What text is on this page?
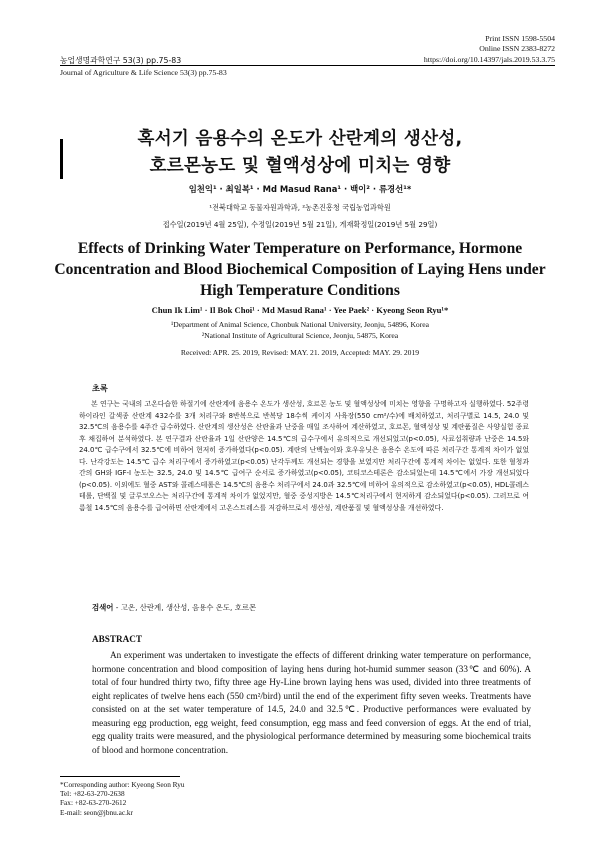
Print ISSN 1598-5504
Online ISSN 2383-8272
농업생명과학연구 53(3) pp.75-83	https://doi.org/10.14397/jals.2019.53.3.75
Journal of Agriculture & Life Science 53(3) pp.75-83
혹서기 음용수의 온도가 산란계의 생산성,
호르몬농도 및 혈액성상에 미치는 영향
임천익¹ · 최일복¹ · Md Masud Rana¹ · 백이² · 류경선¹*
¹전북대학교 동물자원과학과, ²농촌진흥청 국립농업과학원
접수일(2019년 4월 25일), 수정일(2019년 5월 21일), 게재확정일(2019년 5월 29일)
Effects of Drinking Water Temperature on Performance, Hormone
Concentration and Blood Biochemical Composition of Laying Hens under
High Temperature Conditions
Chun Ik Lim¹ · Il Bok Choi¹ · Md Masud Rana¹ · Yee Paek² · Kyeong Seon Ryu¹*
¹Department of Animal Science, Chonbuk National University, Jeonju, 54896, Korea
²National Institute of Agricultural Science, Jeonju, 54875, Korea
Received: APR. 25. 2019, Revised: MAY. 21. 2019, Accepted: MAY. 29. 2019
초록

본 연구는 국내의 고온다습한 하절기에 산란계에 음용수 온도가 생산성, 호르몬 농도 및 혈액성상에 미치는 영향을 구명하고자 실행하였다. 52주령 하이라인 갈색종 산란계 432수를 3개 처리구와 8반복으로 반복당 18수씩 케이지 사육장(550 cm²/수)에 배치하였고, 처리구별로 14.5, 24.0 및 32.5℃의 음용수를 4주간 급수하였다. 산란계의 생산성은 산란율과 난중을 매일 조사하여 계산하였고, 호르몬, 혈액성상 및 계란품질은 사양실험 종료 후 채집하여 분석하였다. 본 연구결과 산란율과 1일 산란양은 14.5℃의 급수구에서 유의적으로 개선되었고(p<0.05), 사료섭취량과 난중은 14.5와 24.0℃ 급수구에서 32.5℃에 비하여 현저히 증가하였다(p<0.05). 계란의 난백높이와 호우유닛은 음용수 온도에 따른 처리구간 통계적 차이가 없었다. 난각강도는 14.5℃ 급수 처리구에서 증가하였고(p<0.05) 난각두께도 개선되는 경향을 보였지만 처리구간에 통계적 차이는 없었다. 또한 혈청과 간의 GH와 IGF-I 농도는 32.5, 24.0 및 14.5℃ 급여구 순서로 증가하였고(p<0.05), 코티코스테론은 감소되었는데 14.5℃에서 가장 개선되었다(p<0.05). 이외에도 혈중 AST와 콜레스테롤은 14.5℃의 음용수 처리구에서 24.0과 32.5℃에 비하여 유의적으로 감소하였고(p<0.05), HDL콜레스테롤, 단백질 및 글루코오스는 처리구간에 통계적 차이가 없었지만, 혈중 중성지방은 14.5℃처리구에서 현저하게 감소되었다(p<0.05). 그러므로 여름철 14.5℃의 음용수를 급여하면 산란계에서 고온스트레스를 저감하므로서 생산성, 계란품질 및 혈액성상을 개선하였다.

검색어 - 고온, 산란계, 생산성, 음용수 온도, 호르몬
ABSTRACT

An experiment was undertaken to investigate the effects of different drinking water temperature on performance, hormone concentration and blood composition of laying hens during hot-humid summer season (33℃ and 60%). A total of four hundred thirty two, fifty three age Hy-Line brown laying hens was used, divided into three treatments of eight replicates of twelve hens each (550 cm²/bird) until the end of the experiment fifty seven weeks. Treatments have consisted on at the set water temperature of 14.5, 24.0 and 32.5℃. Productive performances were evaluated by measuring egg production, egg weight, feed consumption, egg mass and feed conversion of eggs. At the end of trial, egg quality traits were measured, and the physiological performance determined by measuring some biochemical traits of blood and hormone concentration.

*Corresponding author: Kyeong Seon Ryu
Tel: +82-63-270-2638
Fax: +82-63-270-2612
E-mail: seon@jbnu.ac.kr
